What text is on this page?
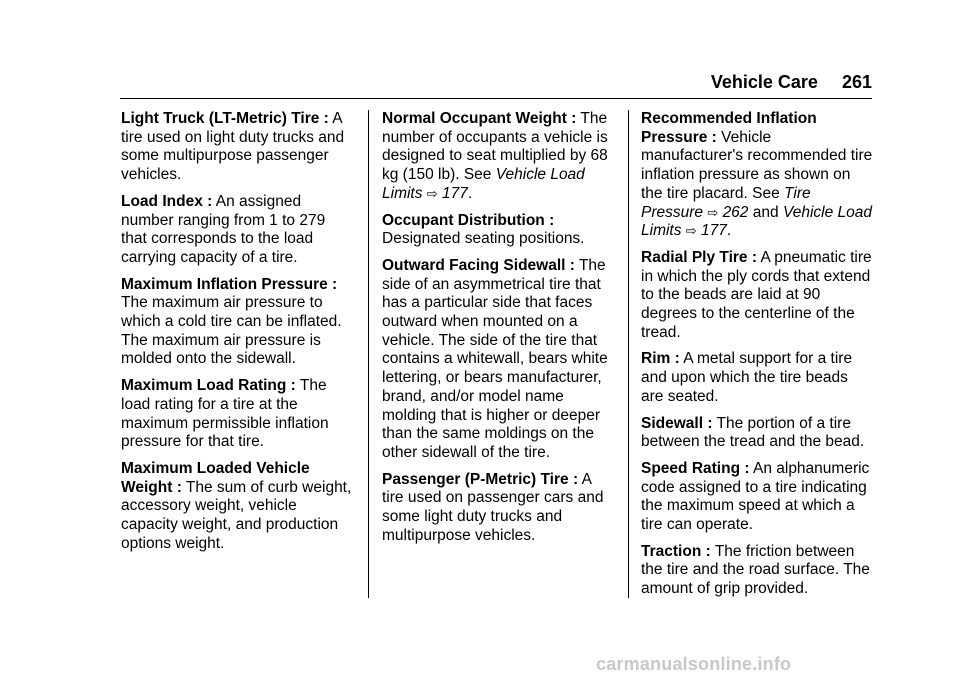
Vehicle Care 261

Light Truck (LT-Metric) Tire : A tire used on light duty trucks and some multipurpose passenger vehicles.

Load Index : An assigned number ranging from 1 to 279 that corresponds to the load carrying capacity of a tire.

Maximum Inflation Pressure : The maximum air pressure to which a cold tire can be inflated. The maximum air pressure is molded onto the sidewall.

Maximum Load Rating : The load rating for a tire at the maximum permissible inflation pressure for that tire.

Maximum Loaded Vehicle Weight : The sum of curb weight, accessory weight, vehicle capacity weight, and production options weight.

Normal Occupant Weight : The number of occupants a vehicle is designed to seat multiplied by 68 kg (150 lb). See Vehicle Load Limits ⇨ 177.

Occupant Distribution : Designated seating positions.

Outward Facing Sidewall : The side of an asymmetrical tire that has a particular side that faces outward when mounted on a vehicle. The side of the tire that contains a whitewall, bears white lettering, or bears manufacturer, brand, and/or model name molding that is higher or deeper than the same moldings on the other sidewall of the tire.

Passenger (P-Metric) Tire : A tire used on passenger cars and some light duty trucks and multipurpose vehicles.

Recommended Inflation Pressure : Vehicle manufacturer's recommended tire inflation pressure as shown on the tire placard. See Tire Pressure ⇨ 262 and Vehicle Load Limits ⇨ 177.

Radial Ply Tire : A pneumatic tire in which the ply cords that extend to the beads are laid at 90 degrees to the centerline of the tread.

Rim : A metal support for a tire and upon which the tire beads are seated.

Sidewall : The portion of a tire between the tread and the bead.

Speed Rating : An alphanumeric code assigned to a tire indicating the maximum speed at which a tire can operate.

Traction : The friction between the tire and the road surface. The amount of grip provided.

carmanualsonline.info
